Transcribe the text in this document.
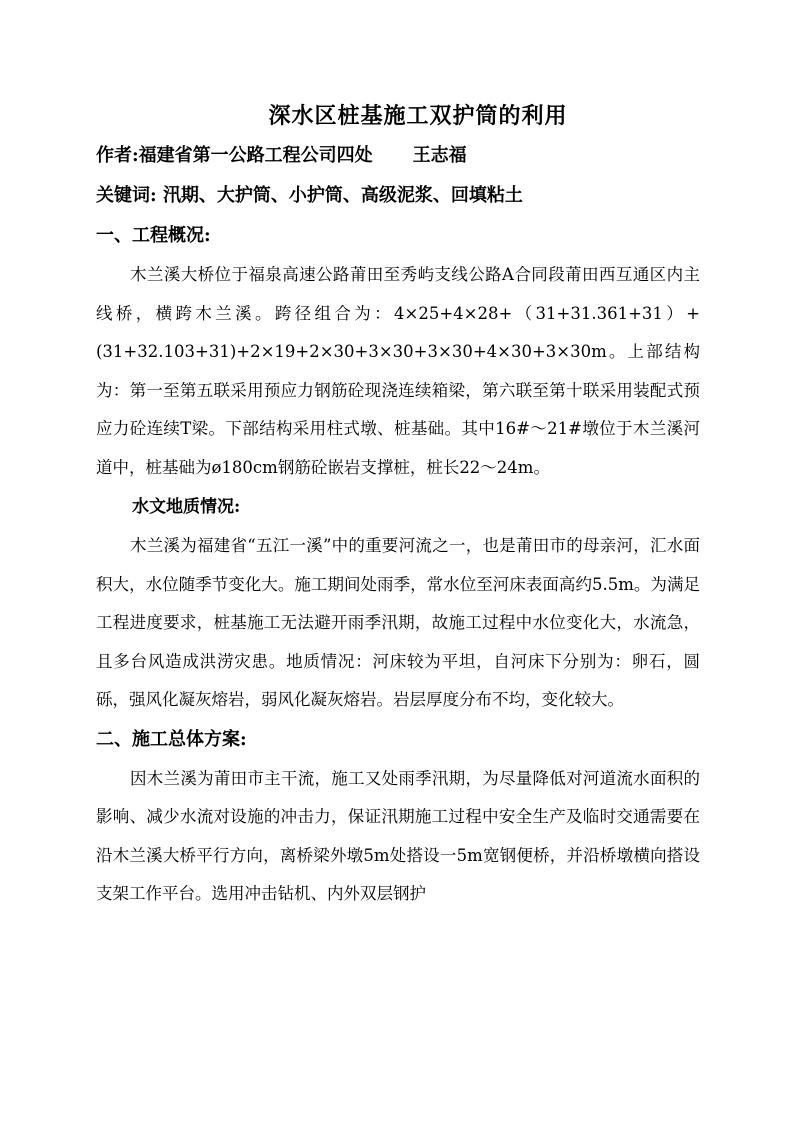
深水区桩基施工双护筒的利用

作者:福建省第一公路工程公司四处 王志福

关键词: 汛期、大护筒、小护筒、高级泥浆、回填粘土

一、工程概况:

木兰溪大桥位于福泉高速公路莆田至秀屿支线公路A合同段莆田西互通区内主线桥，横跨木兰溪。跨径组合为：4×25+4×28+（31+31.361+31）+(31+32.103+31)+2×19+2×30+3×30+3×30+4×30+3×30m。上部结构为：第一至第五联采用预应力钢筋砼现浇连续箱梁，第六联至第十联采用装配式预应力砼连续T梁。下部结构采用柱式墩、桩基础。其中16#～21#墩位于木兰溪河道中，桩基础为ø180cm钢筋砼嵌岩支撑桩，桩长22～24m。

水文地质情况:

木兰溪为福建省“五江一溪”中的重要河流之一，也是莆田市的母亲河，汇水面积大，水位随季节变化大。施工期间处雨季，常水位至河床表面高约5.5m。为满足工程进度要求，桩基施工无法避开雨季汛期，故施工过程中水位变化大，水流急，且多台风造成洪涝灾患。地质情况：河床较为平坦，自河床下分别为：卵石，圆砾，强风化凝灰熔岩，弱风化凝灰熔岩。岩层厚度分布不均，变化较大。

二、施工总体方案:

因木兰溪为莆田市主干流，施工又处雨季汛期，为尽量降低对河道流水面积的影响、减少水流对设施的冲击力，保证汛期施工过程中安全生产及临时交通需要在沿木兰溪大桥平行方向，离桥梁外墩5m处搭设一5m宽钢便桥，并沿桥墩横向搭设支架工作平台。选用冲击钻机、内外双层钢护
